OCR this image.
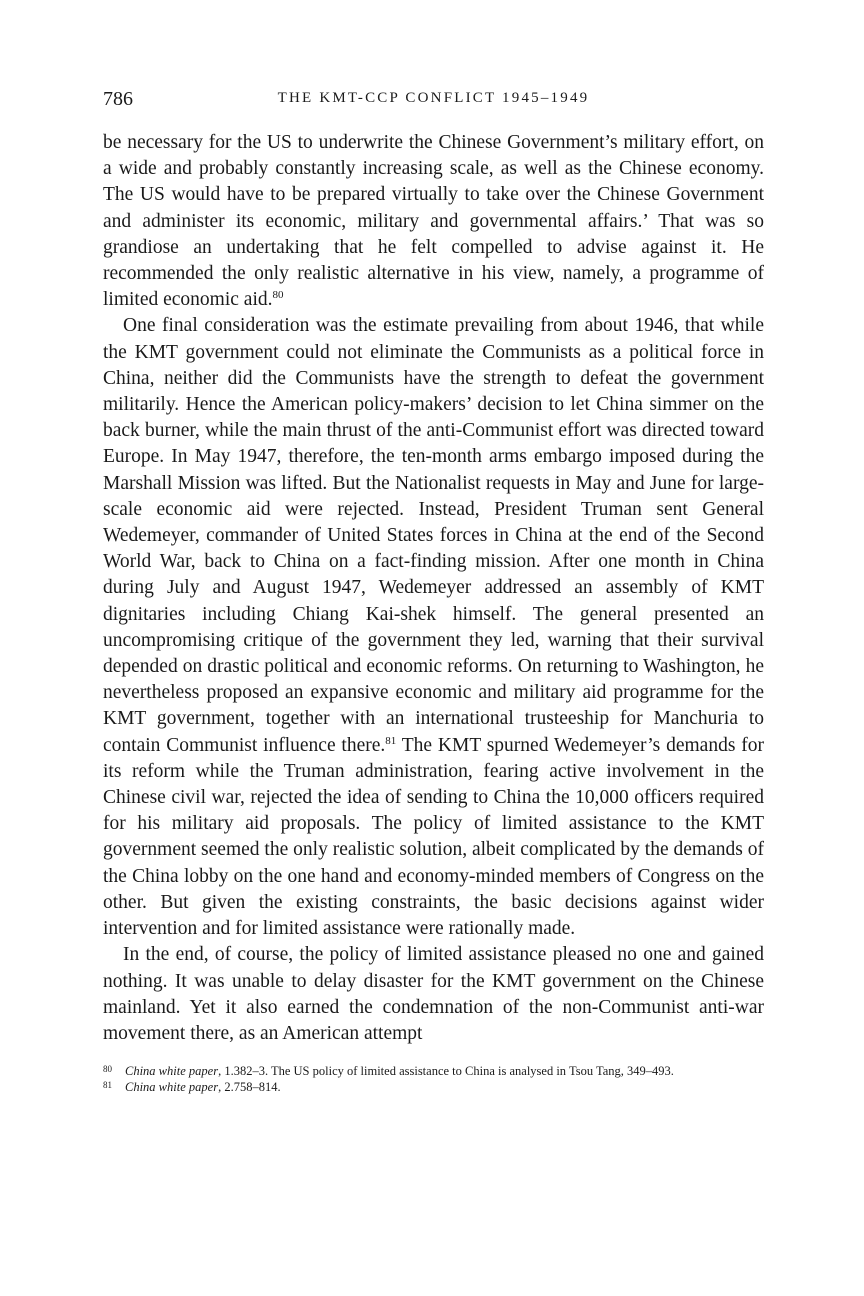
786	THE KMT-CCP CONFLICT 1945–1949

be necessary for the US to underwrite the Chinese Government’s military effort, on a wide and probably constantly increasing scale, as well as the Chinese economy. The US would have to be prepared virtually to take over the Chinese Government and administer its economic, military and governmental affairs.’ That was so grandiose an undertaking that he felt compelled to advise against it. He recommended the only realistic alternative in his view, namely, a programme of limited economic aid.$^{80}$

One final consideration was the estimate prevailing from about 1946, that while the KMT government could not eliminate the Communists as a political force in China, neither did the Communists have the strength to defeat the government militarily. Hence the American policy-makers’ decision to let China simmer on the back burner, while the main thrust of the anti-Communist effort was directed toward Europe. In May 1947, therefore, the ten-month arms embargo imposed during the Marshall Mission was lifted. But the Nationalist requests in May and June for large-scale economic aid were rejected. Instead, President Truman sent General Wedemeyer, commander of United States forces in China at the end of the Second World War, back to China on a fact-finding mission. After one month in China during July and August 1947, Wedemeyer addressed an assembly of KMT dignitaries including Chiang Kai-shek himself. The general presented an uncompromising critique of the government they led, warning that their survival depended on drastic political and economic reforms. On returning to Washington, he nevertheless proposed an expansive economic and military aid programme for the KMT government, together with an international trusteeship for Manchuria to contain Communist influence there.$^{81}$ The KMT spurned Wedemeyer’s demands for its reform while the Truman administration, fearing active involvement in the Chinese civil war, rejected the idea of sending to China the 10,000 officers required for his military aid proposals. The policy of limited assistance to the KMT government seemed the only realistic solution, albeit complicated by the demands of the China lobby on the one hand and economy-minded members of Congress on the other. But given the existing constraints, the basic decisions against wider intervention and for limited assistance were rationally made.

In the end, of course, the policy of limited assistance pleased no one and gained nothing. It was unable to delay disaster for the KMT government on the Chinese mainland. Yet it also earned the condemnation of the non-Communist anti-war movement there, as an American attempt

80 China white paper, 1.382–3. The US policy of limited assistance to China is analysed in Tsou Tang, 349–493.
81 China white paper, 2.758–814.
